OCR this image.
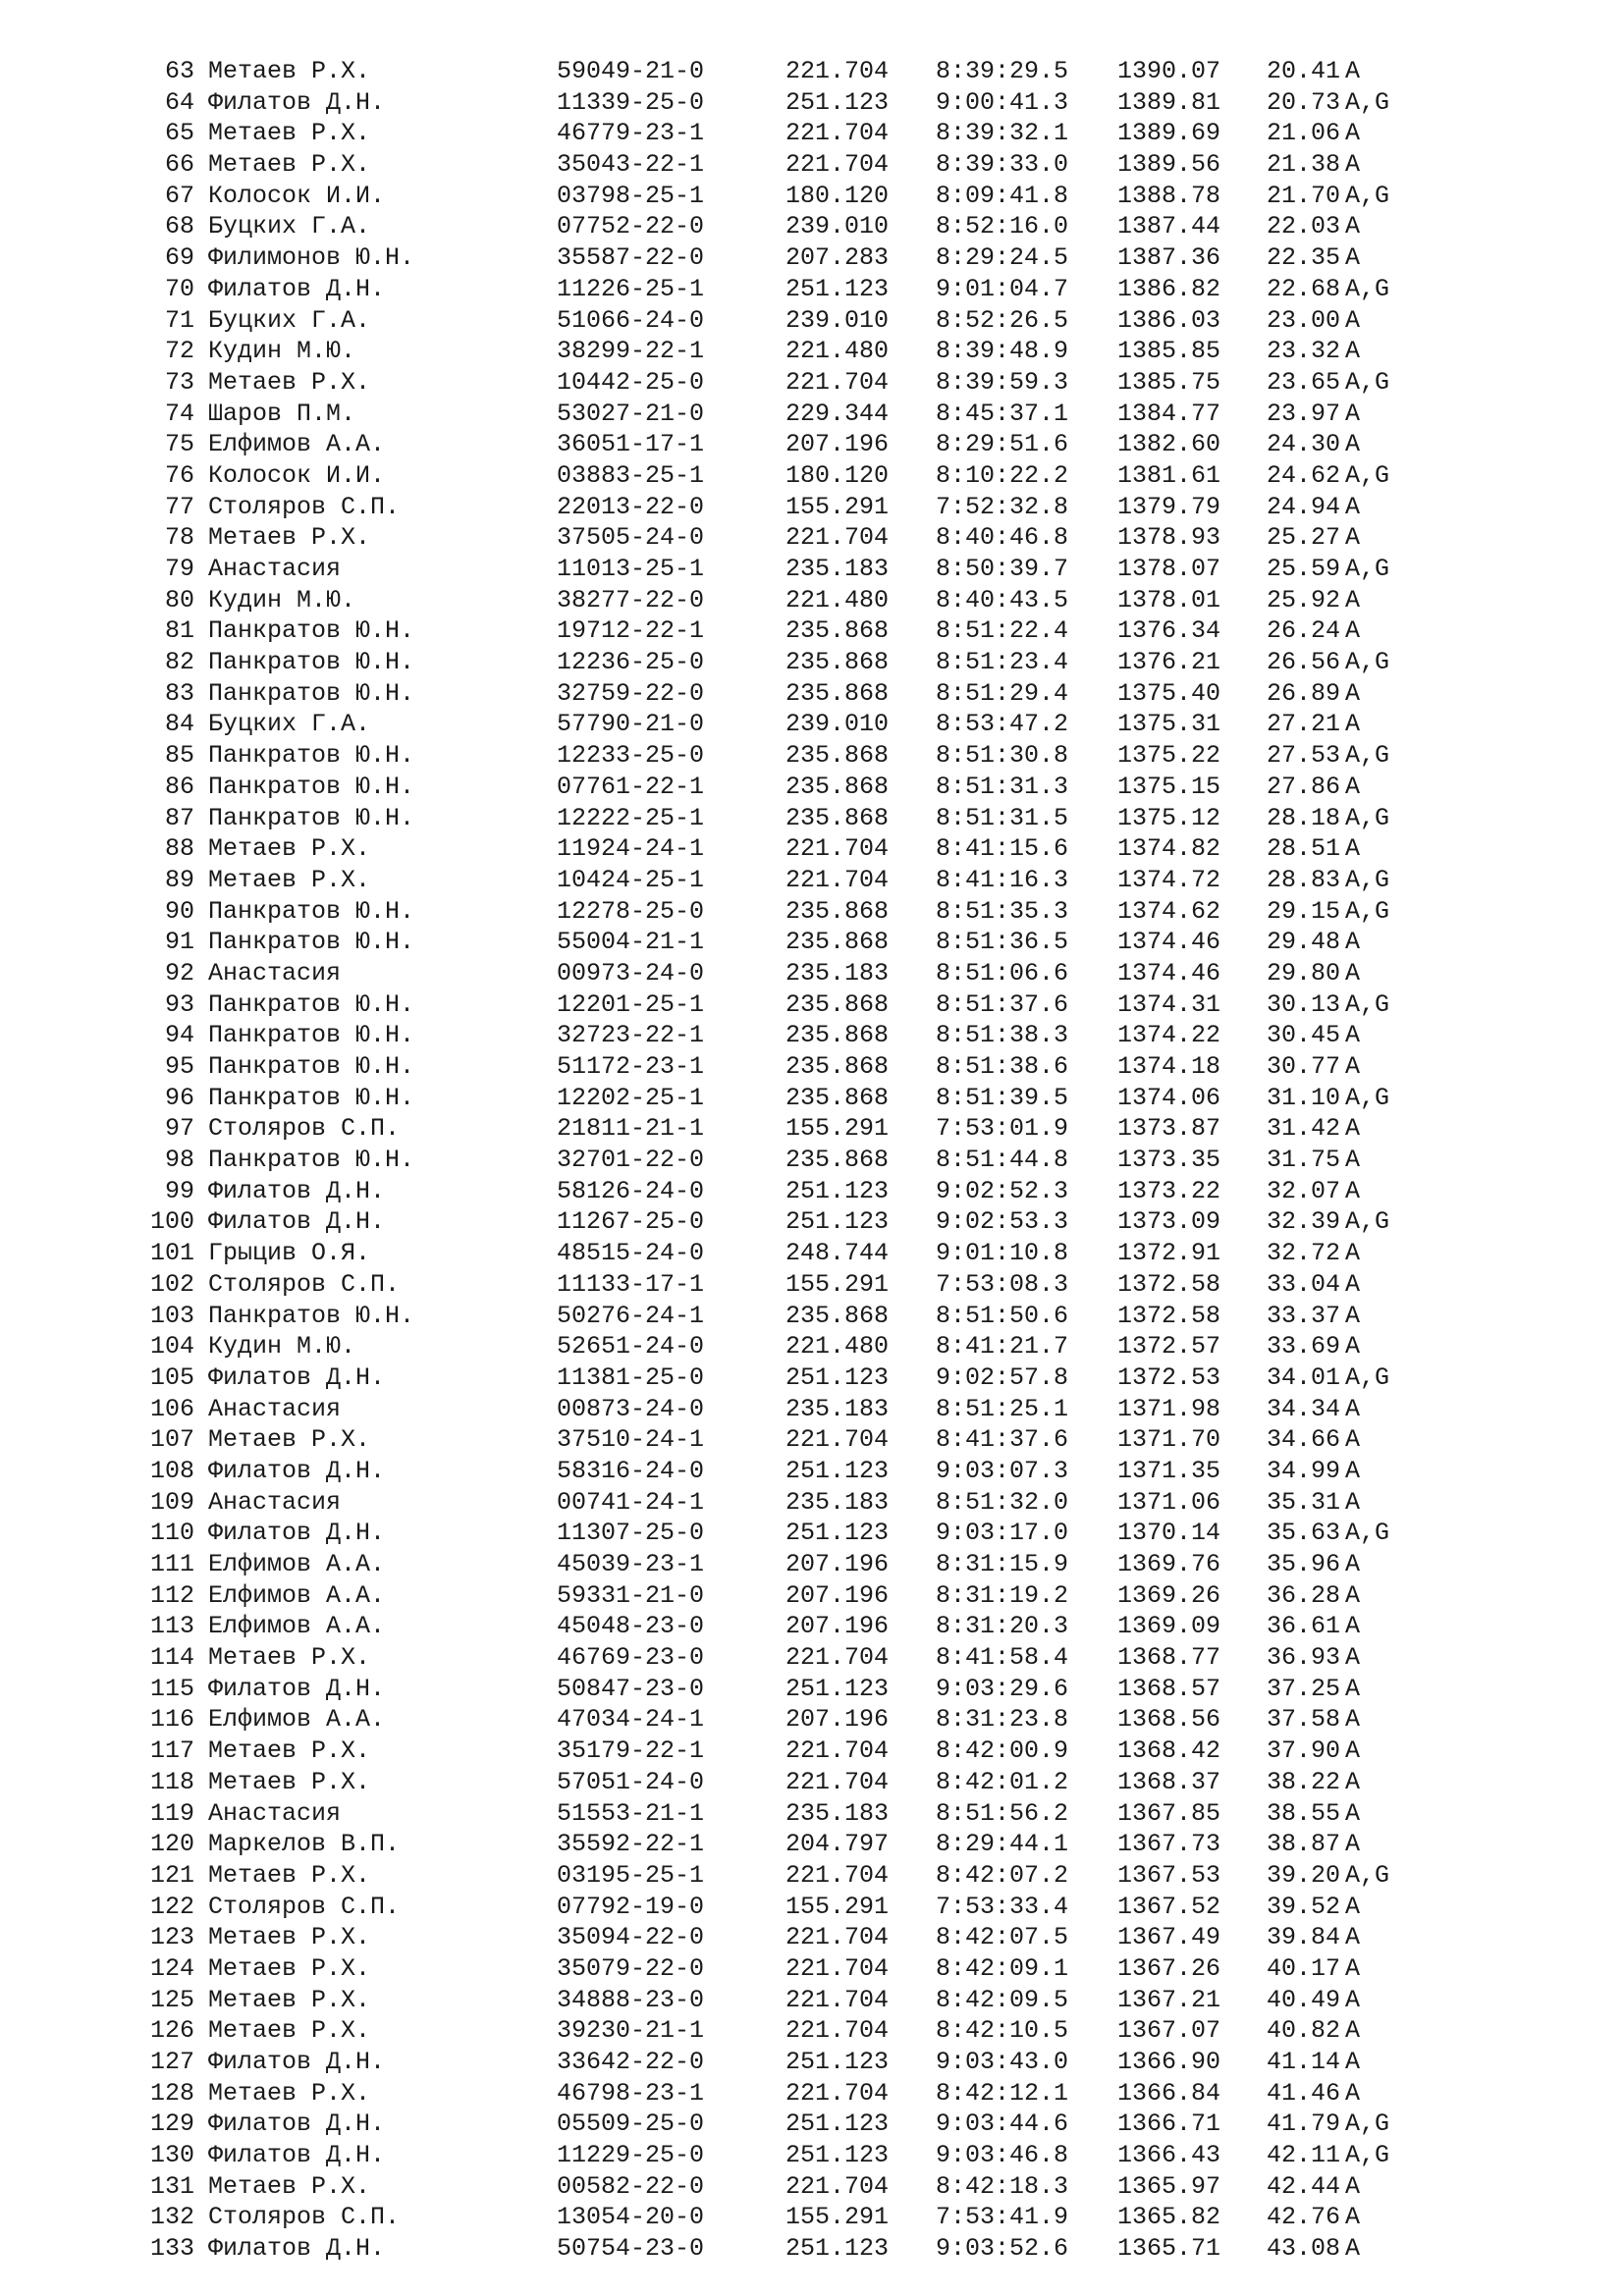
63 Метаев Р.Х.	59049-21-0	221.704 8:39:29.5 1390.07 20.41 A
64 Филатов Д.Н.	11339-25-0	251.123 9:00:41.3 1389.81 20.73 A,G
65 Метаев Р.Х.	46779-23-1	221.704 8:39:32.1 1389.69 21.06 A
66 Метаев Р.Х.	35043-22-1	221.704 8:39:33.0 1389.56 21.38 A
67 Колосок И.И.	03798-25-1	180.120 8:09:41.8 1388.78 21.70 A,G
68 Буцких Г.А.	07752-22-0	239.010 8:52:16.0 1387.44 22.03 A
69 Филимонов Ю.Н.	35587-22-0	207.283 8:29:24.5 1387.36 22.35 A
70 Филатов Д.Н.	11226-25-1	251.123 9:01:04.7 1386.82 22.68 A,G
71 Буцких Г.А.	51066-24-0	239.010 8:52:26.5 1386.03 23.00 A
72 Кудин М.Ю.	38299-22-1	221.480 8:39:48.9 1385.85 23.32 A
73 Метаев Р.Х.	10442-25-0	221.704 8:39:59.3 1385.75 23.65 A,G
74 Шаров П.М.	53027-21-0	229.344 8:45:37.1 1384.77 23.97 A
75 Елфимов А.А.	36051-17-1	207.196 8:29:51.6 1382.60 24.30 A
76 Колосок И.И.	03883-25-1	180.120 8:10:22.2 1381.61 24.62 A,G
77 Столяров С.П.	22013-22-0	155.291 7:52:32.8 1379.79 24.94 A
78 Метаев Р.Х.	37505-24-0	221.704 8:40:46.8 1378.93 25.27 A
79 Анастасия	11013-25-1	235.183 8:50:39.7 1378.07 25.59 A,G
80 Кудин М.Ю.	38277-22-0	221.480 8:40:43.5 1378.01 25.92 A
81 Панкратов Ю.Н.	19712-22-1	235.868 8:51:22.4 1376.34 26.24 A
82 Панкратов Ю.Н.	12236-25-0	235.868 8:51:23.4 1376.21 26.56 A,G
83 Панкратов Ю.Н.	32759-22-0	235.868 8:51:29.4 1375.40 26.89 A
84 Буцких Г.А.	57790-21-0	239.010 8:53:47.2 1375.31 27.21 A
85 Панкратов Ю.Н.	12233-25-0	235.868 8:51:30.8 1375.22 27.53 A,G
86 Панкратов Ю.Н.	07761-22-1	235.868 8:51:31.3 1375.15 27.86 A
87 Панкратов Ю.Н.	12222-25-1	235.868 8:51:31.5 1375.12 28.18 A,G
88 Метаев Р.Х.	11924-24-1	221.704 8:41:15.6 1374.82 28.51 A
89 Метаев Р.Х.	10424-25-1	221.704 8:41:16.3 1374.72 28.83 A,G
90 Панкратов Ю.Н.	12278-25-0	235.868 8:51:35.3 1374.62 29.15 A,G
91 Панкратов Ю.Н.	55004-21-1	235.868 8:51:36.5 1374.46 29.48 A
92 Анастасия	00973-24-0	235.183 8:51:06.6 1374.46 29.80 A
93 Панкратов Ю.Н.	12201-25-1	235.868 8:51:37.6 1374.31 30.13 A,G
94 Панкратов Ю.Н.	32723-22-1	235.868 8:51:38.3 1374.22 30.45 A
95 Панкратов Ю.Н.	51172-23-1	235.868 8:51:38.6 1374.18 30.77 A
96 Панкратов Ю.Н.	12202-25-1	235.868 8:51:39.5 1374.06 31.10 A,G
97 Столяров С.П.	21811-21-1	155.291 7:53:01.9 1373.87 31.42 A
98 Панкратов Ю.Н.	32701-22-0	235.868 8:51:44.8 1373.35 31.75 A
99 Филатов Д.Н.	58126-24-0	251.123 9:02:52.3 1373.22 32.07 A
100 Филатов Д.Н.	11267-25-0	251.123 9:02:53.3 1373.09 32.39 A,G
101 Грыцив О.Я.	48515-24-0	248.744 9:01:10.8 1372.91 32.72 A
102 Столяров С.П.	11133-17-1	155.291 7:53:08.3 1372.58 33.04 A
103 Панкратов Ю.Н.	50276-24-1	235.868 8:51:50.6 1372.58 33.37 A
104 Кудин М.Ю.	52651-24-0	221.480 8:41:21.7 1372.57 33.69 A
105 Филатов Д.Н.	11381-25-0	251.123 9:02:57.8 1372.53 34.01 A,G
106 Анастасия	00873-24-0	235.183 8:51:25.1 1371.98 34.34 A
107 Метаев Р.Х.	37510-24-1	221.704 8:41:37.6 1371.70 34.66 A
108 Филатов Д.Н.	58316-24-0	251.123 9:03:07.3 1371.35 34.99 A
109 Анастасия	00741-24-1	235.183 8:51:32.0 1371.06 35.31 A
110 Филатов Д.Н.	11307-25-0	251.123 9:03:17.0 1370.14 35.63 A,G
111 Елфимов А.А.	45039-23-1	207.196 8:31:15.9 1369.76 35.96 A
112 Елфимов А.А.	59331-21-0	207.196 8:31:19.2 1369.26 36.28 A
113 Елфимов А.А.	45048-23-0	207.196 8:31:20.3 1369.09 36.61 A
114 Метаев Р.Х.	46769-23-0	221.704 8:41:58.4 1368.77 36.93 A
115 Филатов Д.Н.	50847-23-0	251.123 9:03:29.6 1368.57 37.25 A
116 Елфимов А.А.	47034-24-1	207.196 8:31:23.8 1368.56 37.58 A
117 Метаев Р.Х.	35179-22-1	221.704 8:42:00.9 1368.42 37.90 A
118 Метаев Р.Х.	57051-24-0	221.704 8:42:01.2 1368.37 38.22 A
119 Анастасия	51553-21-1	235.183 8:51:56.2 1367.85 38.55 A
120 Маркелов В.П.	35592-22-1	204.797 8:29:44.1 1367.73 38.87 A
121 Метаев Р.Х.	03195-25-1	221.704 8:42:07.2 1367.53 39.20 A,G
122 Столяров С.П.	07792-19-0	155.291 7:53:33.4 1367.52 39.52 A
123 Метаев Р.Х.	35094-22-0	221.704 8:42:07.5 1367.49 39.84 A
124 Метаев Р.Х.	35079-22-0	221.704 8:42:09.1 1367.26 40.17 A
125 Метаев Р.Х.	34888-23-0	221.704 8:42:09.5 1367.21 40.49 A
126 Метаев Р.Х.	39230-21-1	221.704 8:42:10.5 1367.07 40.82 A
127 Филатов Д.Н.	33642-22-0	251.123 9:03:43.0 1366.90 41.14 A
128 Метаев Р.Х.	46798-23-1	221.704 8:42:12.1 1366.84 41.46 A
129 Филатов Д.Н.	05509-25-0	251.123 9:03:44.6 1366.71 41.79 A,G
130 Филатов Д.Н.	11229-25-0	251.123 9:03:46.8 1366.43 42.11 A,G
131 Метаев Р.Х.	00582-22-0	221.704 8:42:18.3 1365.97 42.44 A
132 Столяров С.П.	13054-20-0	155.291 7:53:41.9 1365.82 42.76 A
133 Филатов Д.Н.	50754-23-0	251.123 9:03:52.6 1365.71 43.08 A
